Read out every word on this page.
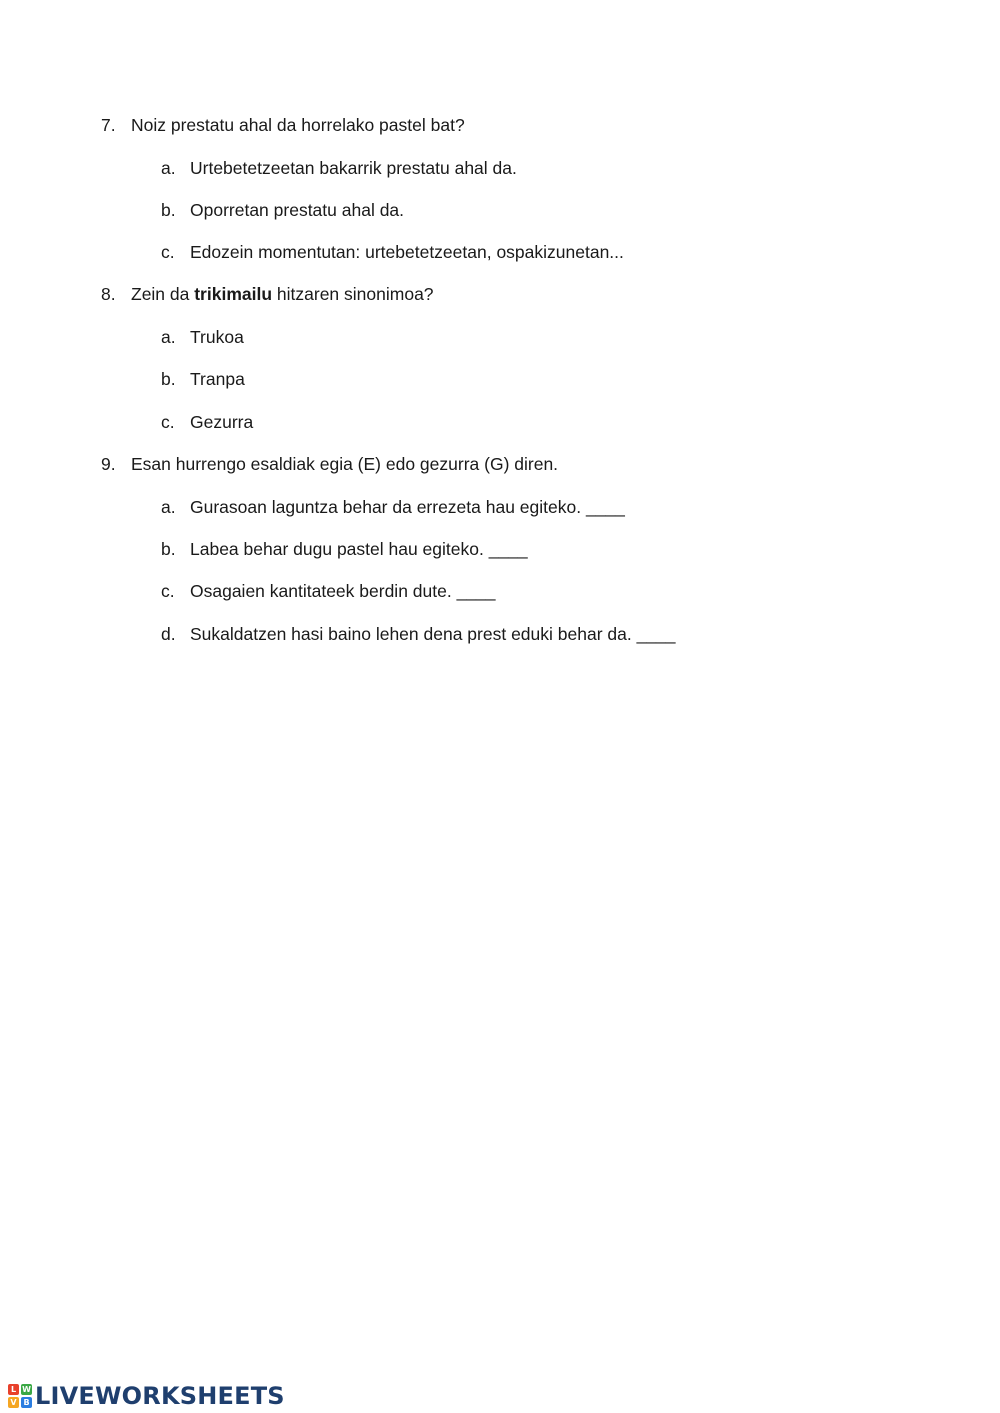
7. Noiz prestatu ahal da horrelako pastel bat?
a. Urtebetetzeetan bakarrik prestatu ahal da.
b. Oporretan prestatu ahal da.
c. Edozein momentutan: urtebetetzeetan, ospakizunetan...
8. Zein da trikimailu hitzaren sinonimoa?
a. Trukoa
b. Tranpa
c. Gezurra
9. Esan hurrengo esaldiak egia (E) edo gezurra (G) diren.
a. Gurasoan laguntza behar da errezeta hau egiteko. ____
b. Labea behar dugu pastel hau egiteko. ____
c. Osagaien kantitateek berdin dute. ____
d. Sukaldatzen hasi baino lehen dena prest eduki behar da. ____
L W
V B LIVEWORKSHEETS
